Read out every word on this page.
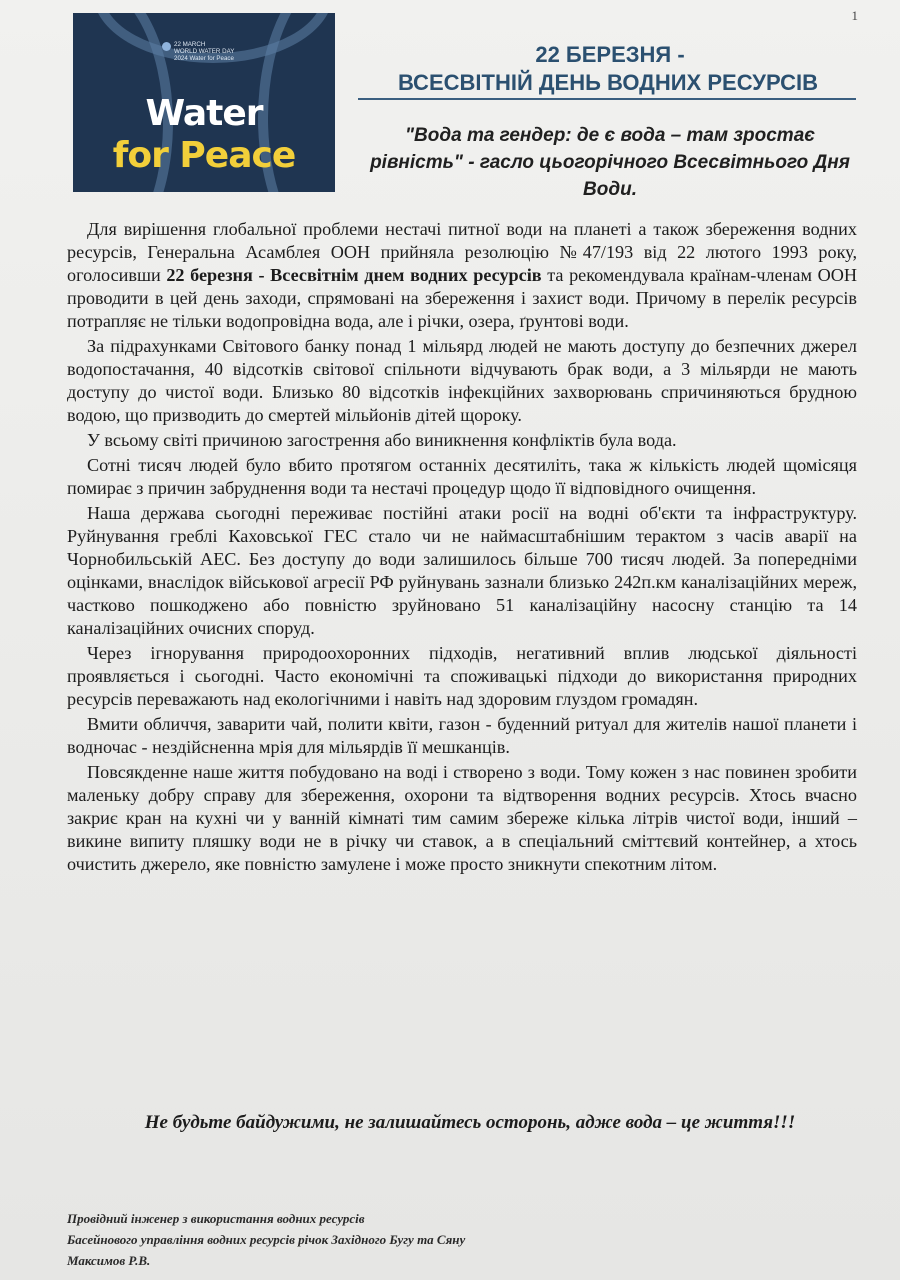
1
22 MARCH
WORLD WATER DAY
2024 Water for Peace
Water
for Peace
22 БЕРЕЗНЯ -
ВСЕСВІТНІЙ ДЕНЬ ВОДНИХ РЕСУРСІВ
"Вода та гендер: де є вода – там зростає рівність" - гасло цьогорічного Всесвітнього Дня Води.

Для вирішення глобальної проблеми нестачі питної води на планеті а також збереження водних ресурсів, Генеральна Асамблея ООН прийняла резолюцію №47/193 від 22 лютого 1993 року, оголосивши 22 березня - Всесвітнім днем водних ресурсів та рекомендувала країнам-членам ООН проводити в цей день заходи, спрямовані на збереження і захист води. Причому в перелік ресурсів потрапляє не тільки водопровідна вода, але і річки, озера, ґрунтові води.

За підрахунками Світового банку понад 1 мільярд людей не мають доступу до безпечних джерел водопостачання, 40 відсотків світової спільноти відчувають брак води, а 3 мільярди не мають доступу до чистої води. Близько 80 відсотків інфекційних захворювань спричиняються брудною водою, що призводить до смертей мільйонів дітей щороку.

У всьому світі причиною загострення або виникнення конфліктів була вода.

Сотні тисяч людей було вбито протягом останніх десятиліть, така ж кількість людей щомісяця помирає з причин забруднення води та нестачі процедур щодо її відповідного очищення.

Наша держава сьогодні переживає постійні атаки росії на водні об'єкти та інфраструктуру. Руйнування греблі Каховської ГЕС стало чи не наймасштабнішим терактом з часів аварії на Чорнобильській АЕС. Без доступу до води залишилось більше 700 тисяч людей. За попередніми оцінками, внаслідок військової агресії РФ руйнувань зазнали близько 242п.км каналізаційних мереж, частково пошкоджено або повністю зруйновано 51 каналізаційну насосну станцію та 14 каналізаційних очисних споруд.

Через ігнорування природоохоронних підходів, негативний вплив людської діяльності проявляється і сьогодні. Часто економічні та споживацькі підходи до використання природних ресурсів переважають над екологічними і навіть над здоровим глуздом громадян.

Вмити обличчя, заварити чай, полити квіти, газон - буденний ритуал для жителів нашої планети і водночас - нездійсненна мрія для мільярдів її мешканців.

Повсякденне наше життя побудовано на воді і створено з води. Тому кожен з нас повинен зробити маленьку добру справу для збереження, охорони та відтворення водних ресурсів. Хтось вчасно закриє кран на кухні чи у ванній кімнаті тим самим збереже кілька літрів чистої води, інший – викине випиту пляшку води не в річку чи ставок, а в спеціальний сміттєвий контейнер, а хтось очистить джерело, яке повністю замулене і може просто зникнути спекотним літом.

Не будьте байдужими, не залишайтесь осторонь, адже вода – це життя!!!
Провідний інженер з використання водних ресурсів
Басейнового управління водних ресурсів річок Західного Бугу та Сяну
Максимов Р.В.
